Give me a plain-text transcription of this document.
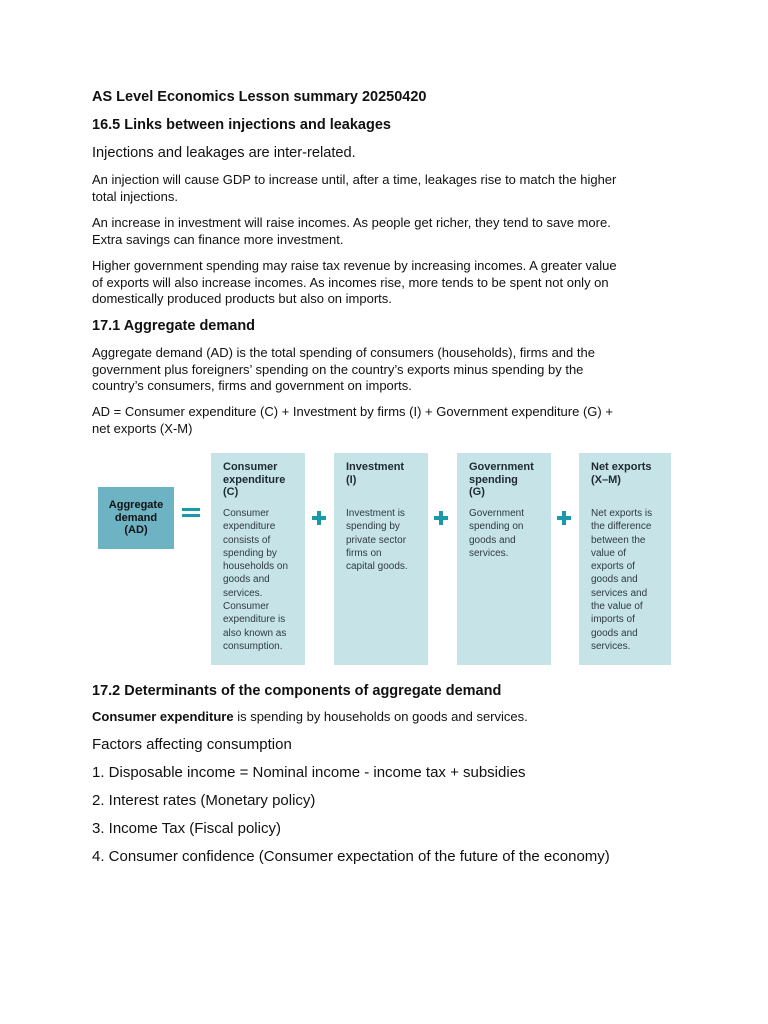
AS Level Economics Lesson summary 20250420
16.5 Links between injections and leakages
Injections and leakages are inter-related.
An injection will cause GDP to increase until, after a time, leakages rise to match the higher
total injections.
An increase in investment will raise incomes. As people get richer, they tend to save more.
Extra savings can finance more investment.
Higher government spending may raise tax revenue by increasing incomes. A greater value
of exports will also increase incomes. As incomes rise, more tends to be spent not only on
domestically produced products but also on imports.
17.1 Aggregate demand
Aggregate demand (AD) is the total spending of consumers (households), firms and the
government plus foreigners’ spending on the country’s exports minus spending by the
country’s consumers, firms and government on imports.
AD = Consumer expenditure (C) + Investment by firms (I) + Government expenditure (G) +
net exports (X-M)
17.2 Determinants of the components of aggregate demand
Consumer expenditure is spending by households on goods and services.
Factors affecting consumption
1. Disposable income = Nominal income - income tax + subsidies
2. Interest rates (Monetary policy)
3. Income Tax (Fiscal policy)
4. Consumer confidence (Consumer expectation of the future of the economy)
Aggregate
demand
(AD)
Consumer
expenditure
(C)
Consumer
expenditure
consists of
spending by
households on
goods and
services.
Consumer
expenditure is
also known as
consumption.
Investment
(I)
Investment is
spending by
private sector
firms on
capital goods.
Government
spending
(G)
Government
spending on
goods and
services.
Net exports
(X–M)
Net exports is
the difference
between the
value of
exports of
goods and
services and
the value of
imports of
goods and
services.
